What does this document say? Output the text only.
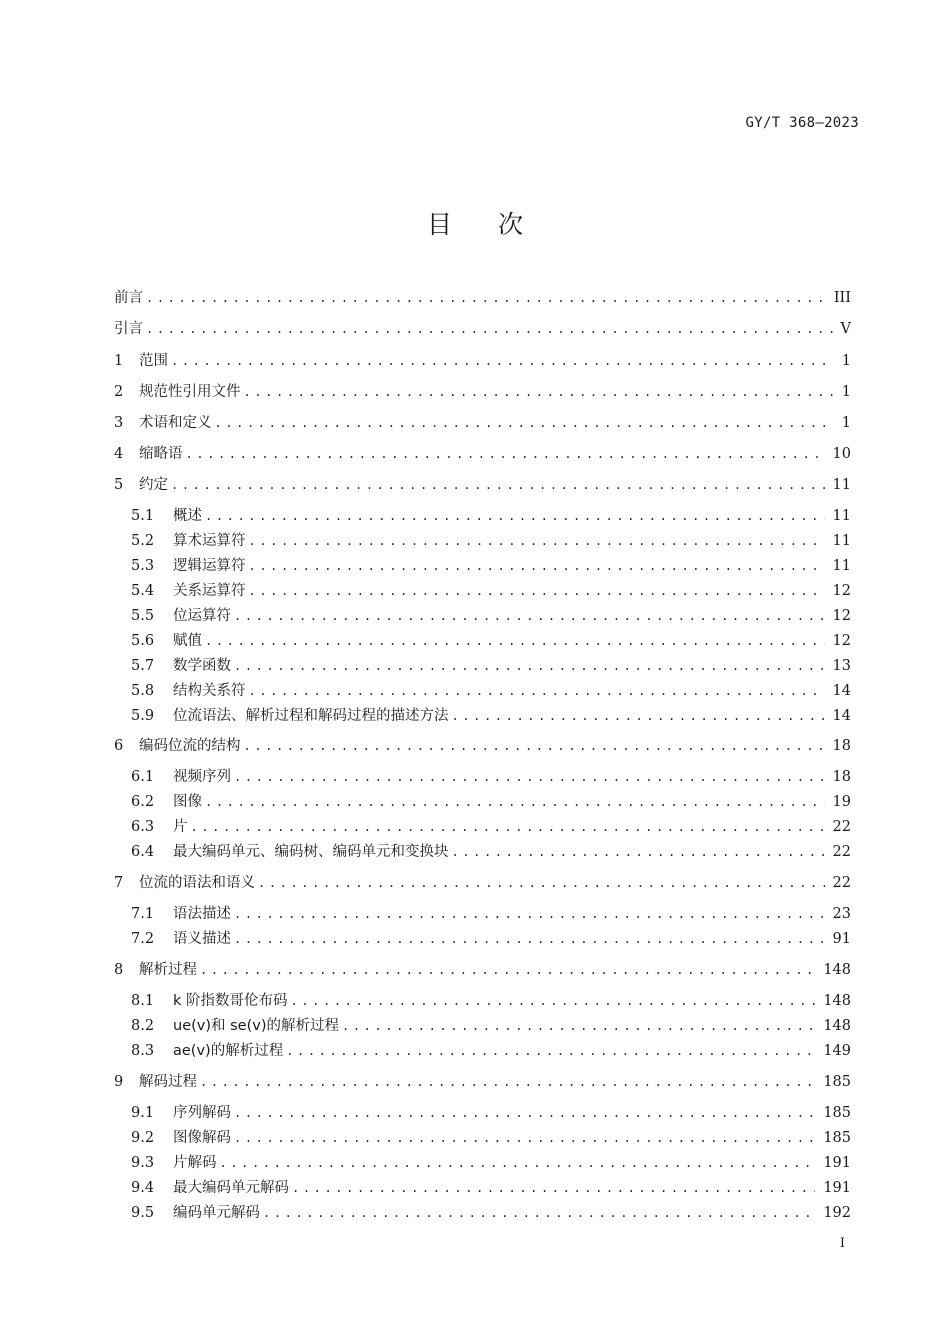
GY/T 368—2023
目次
前言 .....	III
引言 .....	V
1	范围 .....	1
2	规范性引用文件 .....	1
3	术语和定义 .....	1
4	缩略语 .....	10
5	约定 .....	11
5.1	概述 .....	11
5.2	算术运算符 .....	11
5.3	逻辑运算符 .....	11
5.4	关系运算符 .....	12
5.5	位运算符 .....	12
5.6	赋值 .....	12
5.7	数学函数 .....	13
5.8	结构关系符 .....	14
5.9	位流语法、解析过程和解码过程的描述方法 .....	14
6	编码位流的结构 .....	18
6.1	视频序列 .....	18
6.2	图像 .....	19
6.3	片 .....	22
6.4	最大编码单元、编码树、编码单元和变换块 .....	22
7	位流的语法和语义 .....	22
7.1	语法描述 .....	23
7.2	语义描述 .....	91
8	解析过程 .....	148
8.1	k 阶指数哥伦布码 .....	148
8.2	ue(v)和 se(v)的解析过程 .....	148
8.3	ae(v)的解析过程 .....	149
9	解码过程 .....	185
9.1	序列解码 .....	185
9.2	图像解码 .....	185
9.3	片解码 .....	191
9.4	最大编码单元解码 .....	191
9.5	编码单元解码 .....	192
I
